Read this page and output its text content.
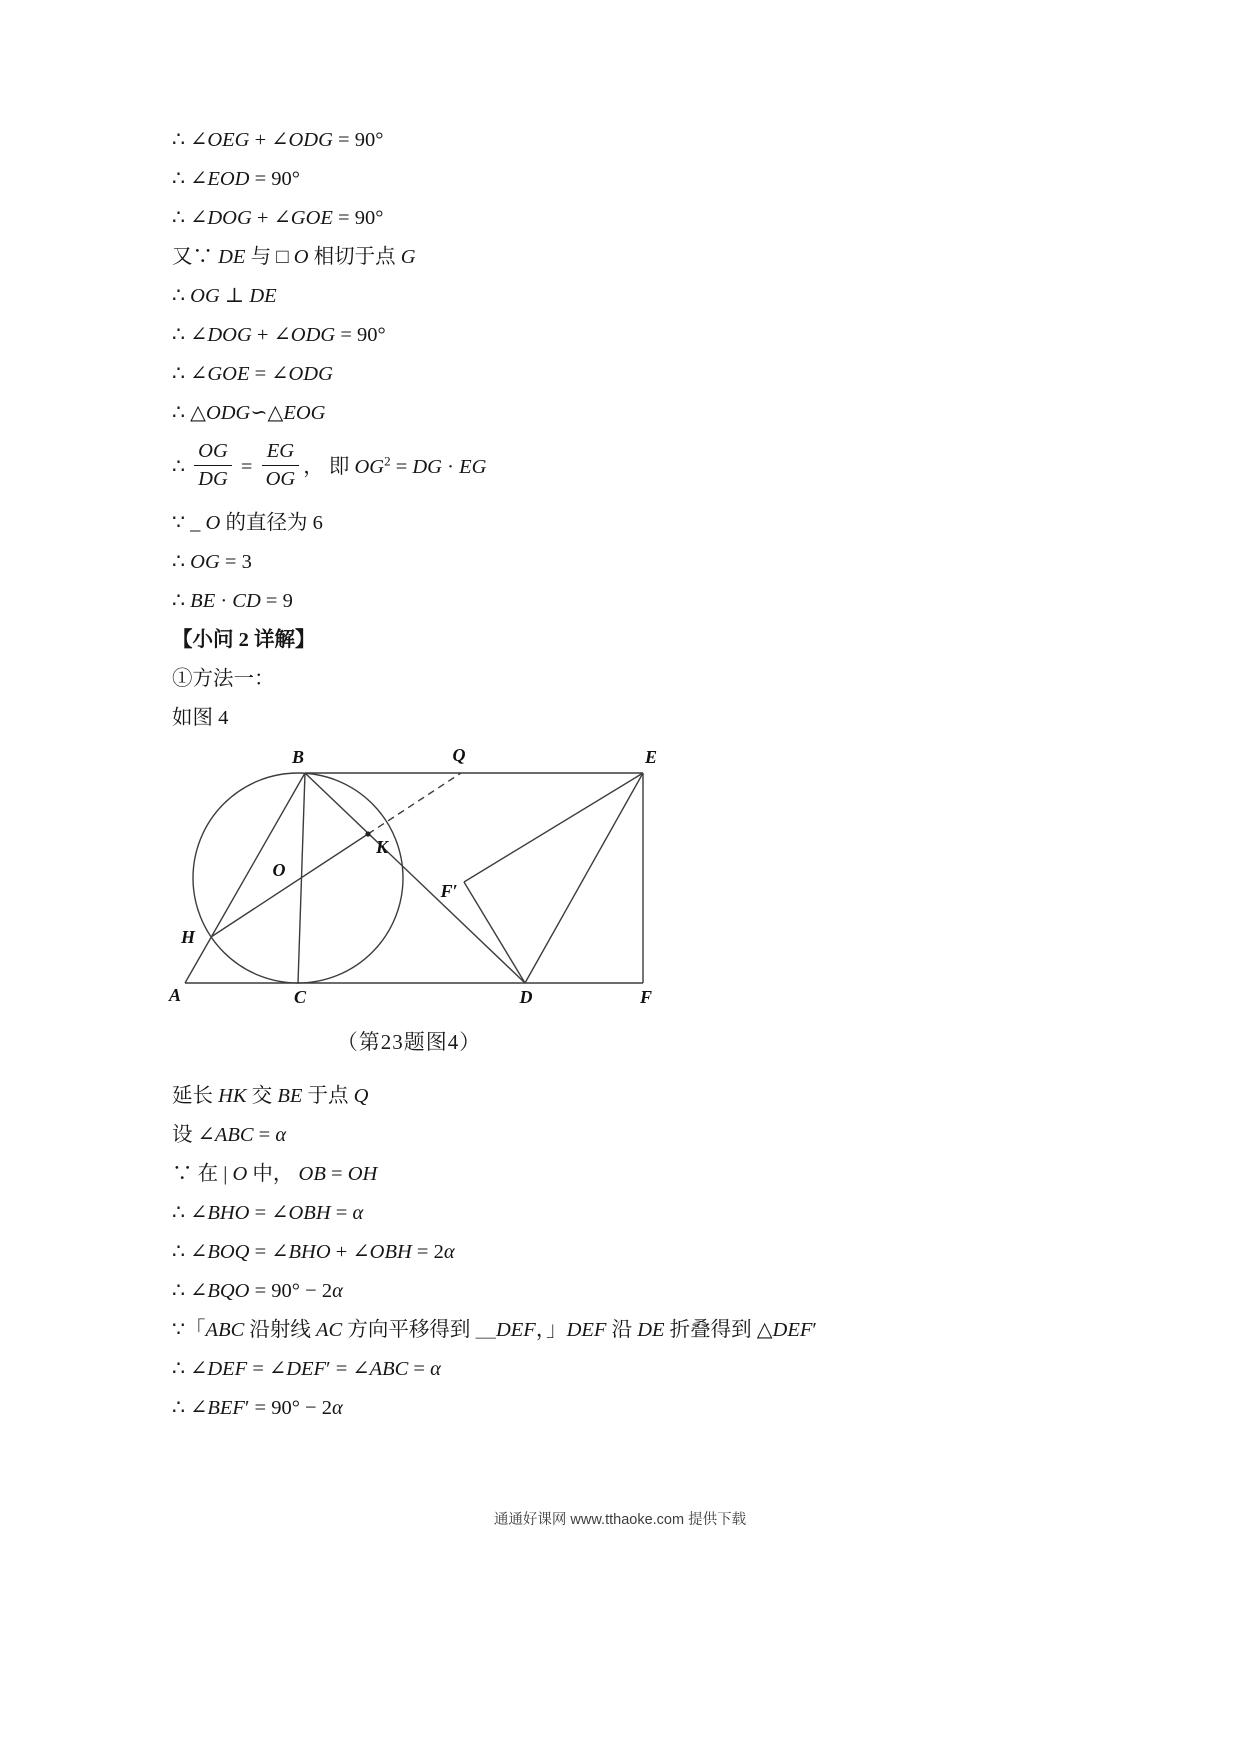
∴ ∠OEG + ∠ODG = 90°
∴ ∠EOD = 90°
∴ ∠DOG + ∠GOE = 90°
又∵ DE 与 □ O 相切于点 G
∴ OG ⊥ DE
∴ ∠DOG + ∠ODG = 90°
∴ ∠GOE = ∠ODG
∴ △ODG∽△EOG
∴ $\frac{OG}{DG} = \frac{EG}{OG}$ ， 即 $OG^2$ = DG · EG
∵ _ O 的直径为 6
∴ OG = 3
∴ BE · CD = 9
【小问 2 详解】
①方法一：
如图 4
A
B
C	D
E
F
H
K
O
Q
F′
（第23题图4）
延长 HK 交 BE 于点 Q
设 ∠ABC = α
∵ 在 | O 中， OB = OH
∴ ∠BHO = ∠OBH = α
∴ ∠BOQ = ∠BHO + ∠OBH = 2α
∴ ∠BQO = 90° − 2α
∵「ABC 沿射线 AC 方向平移得到 ＿DEF，」DEF 沿 DE 折叠得到 △DEF′
∴ ∠DEF = ∠DEF′ = ∠ABC = α
∴ ∠BEF′ = 90° − 2α
通通好课网 www.tthaoke.com 提供下载
